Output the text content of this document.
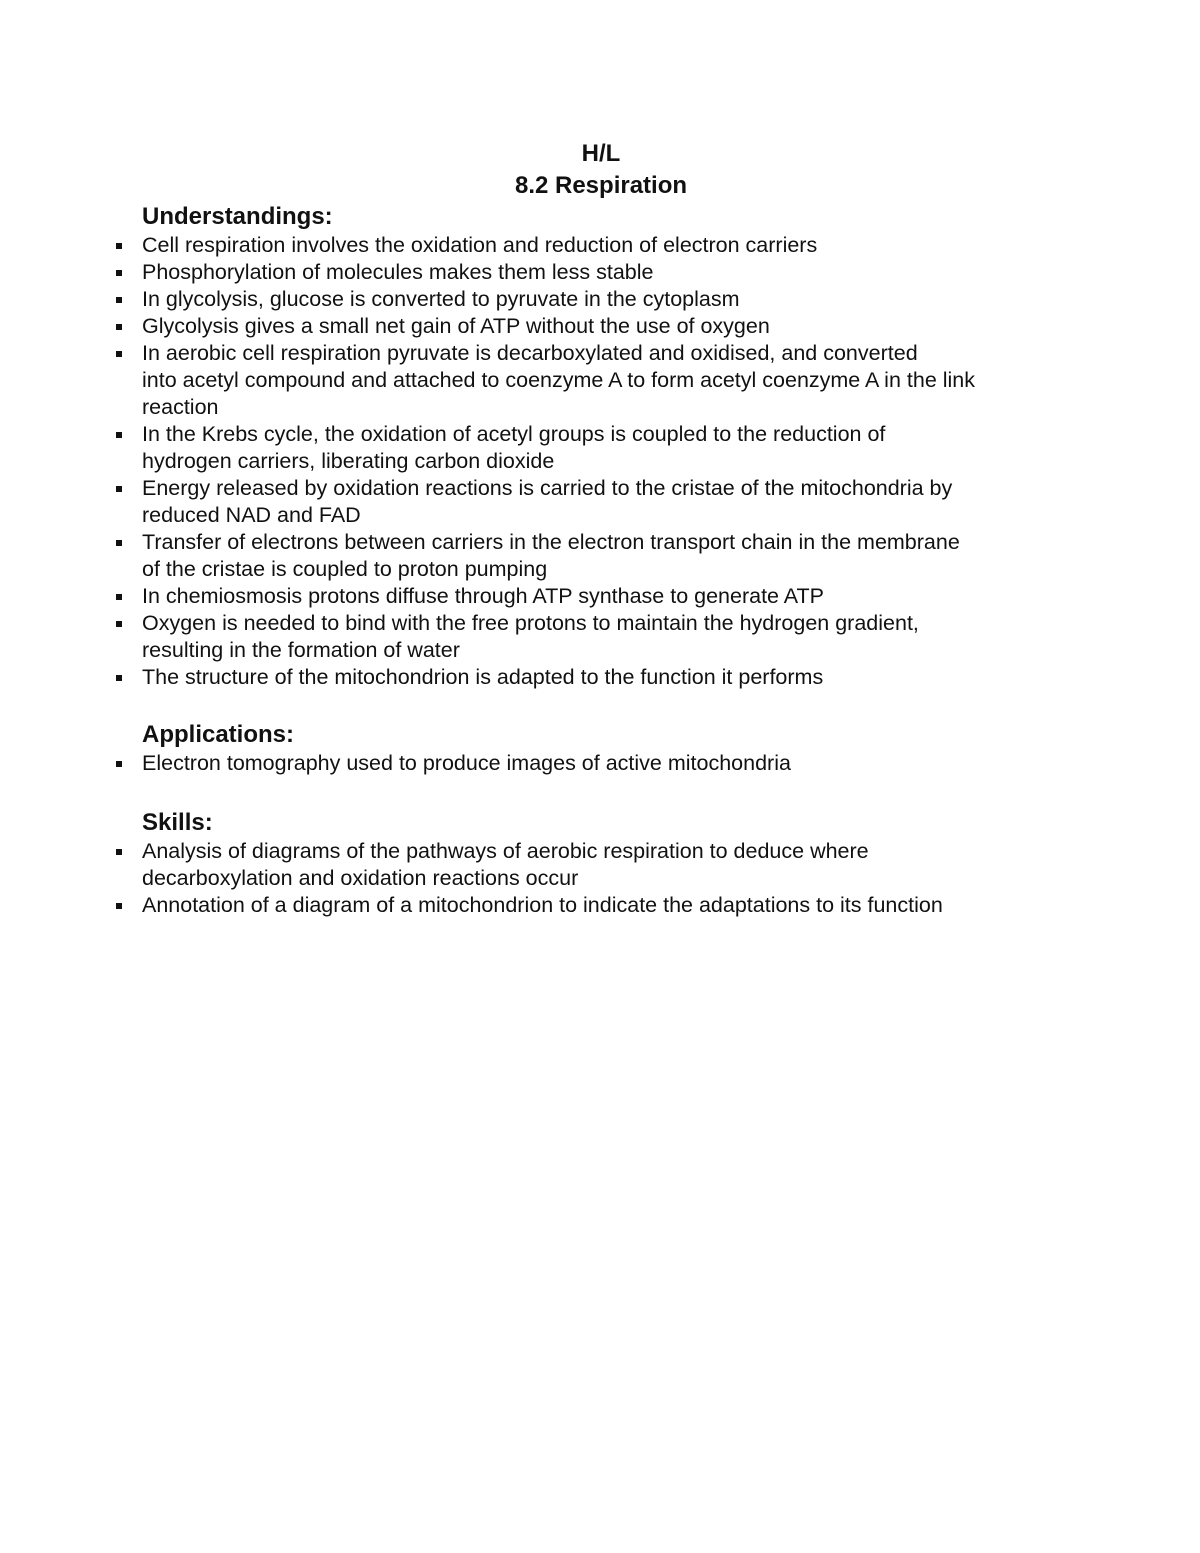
H/L
8.2 Respiration
Understandings:
Cell respiration involves the oxidation and reduction of electron carriers
Phosphorylation of molecules makes them less stable
In glycolysis, glucose is converted to pyruvate in the cytoplasm
Glycolysis gives a small net gain of ATP without the use of oxygen
In aerobic cell respiration pyruvate is decarboxylated and oxidised, and converted
into acetyl compound and attached to coenzyme A to form acetyl coenzyme A in the link
reaction
In the Krebs cycle, the oxidation of acetyl groups is coupled to the reduction of
hydrogen carriers, liberating carbon dioxide
Energy released by oxidation reactions is carried to the cristae of the mitochondria by
reduced NAD and FAD
Transfer of electrons between carriers in the electron transport chain in the membrane
of the cristae is coupled to proton pumping
In chemiosmosis protons diffuse through ATP synthase to generate ATP
Oxygen is needed to bind with the free protons to maintain the hydrogen gradient,
resulting in the formation of water
The structure of the mitochondrion is adapted to the function it performs
Applications:
Electron tomography used to produce images of active mitochondria
Skills:
Analysis of diagrams of the pathways of aerobic respiration to deduce where
decarboxylation and oxidation reactions occur
Annotation of a diagram of a mitochondrion to indicate the adaptations to its function
